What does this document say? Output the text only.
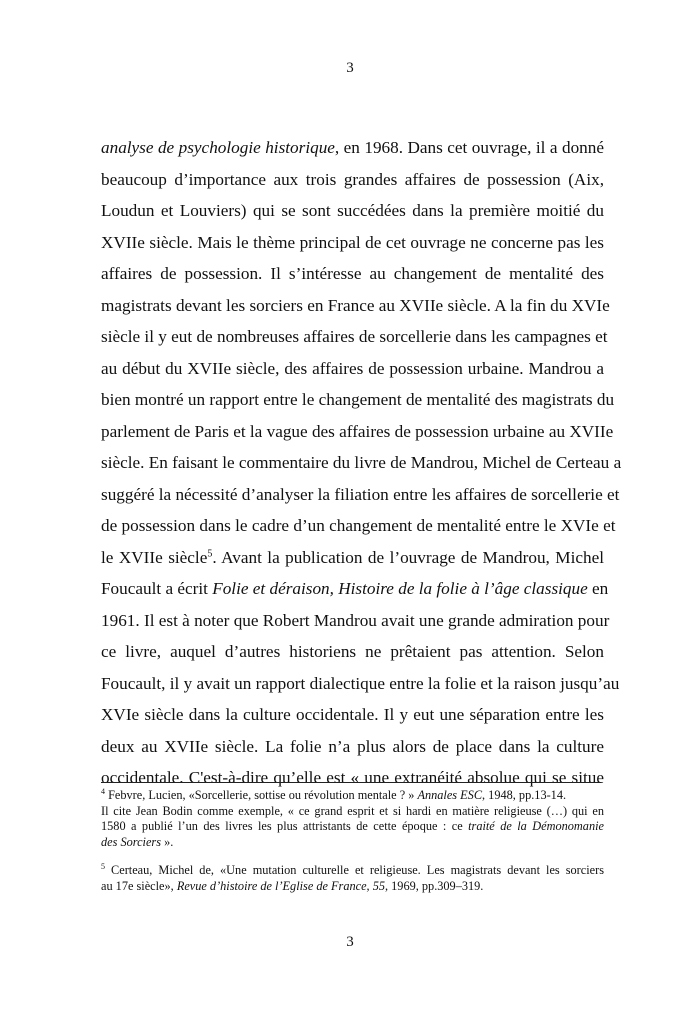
3
analyse de psychologie historique, en 1968. Dans cet ouvrage, il a donné
beaucoup d’importance aux trois grandes affaires de possession (Aix,
Loudun et Louviers) qui se sont succédées dans la première moitié du
XVIIe siècle. Mais le thème principal de cet ouvrage ne concerne pas les
affaires de possession. Il s’intéresse au changement de mentalité des
magistrats devant les sorciers en France au XVIIe siècle. A la fin du XVIe
siècle il y eut de nombreuses affaires de sorcellerie dans les campagnes et
au début du XVIIe siècle, des affaires de possession urbaine. Mandrou a
bien montré un rapport entre le changement de mentalité des magistrats du
parlement de Paris et la vague des affaires de possession urbaine au XVIIe
siècle. En faisant le commentaire du livre de Mandrou, Michel de Certeau a
suggéré la nécessité d’analyser la filiation entre les affaires de sorcellerie et
de possession dans le cadre d’un changement de mentalité entre le XVIe et
le XVIIe siècle$^5$. Avant la publication de l’ouvrage de Mandrou, Michel
Foucault a écrit Folie et déraison, Histoire de la folie à l’âge classique en
1961. Il est à noter que Robert Mandrou avait une grande admiration pour
ce livre, auquel d’autres historiens ne prêtaient pas attention. Selon
Foucault, il y avait un rapport dialectique entre la folie et la raison jusqu’au
XVIe siècle dans la culture occidentale. Il y eut une séparation entre les
deux au XVIIe siècle. La folie n’a plus alors de place dans la culture
occidentale. C'est-à-dire qu’elle est « une extranéité absolue qui se situe
$^4$ Febvre, Lucien, «Sorcellerie, sottise ou révolution mentale ? » Annales ESC, 1948, pp.13-14.
Il cite Jean Bodin comme exemple, « ce grand esprit et si hardi en matière religieuse (…) qui en
1580 a publié l’un des livres les plus attristants de cette époque : ce traité de la Démonomanie
des Sorciers ».
$^5$ Certeau, Michel de, «Une mutation culturelle et religieuse. Les magistrats devant les sorciers
au 17e siècle», Revue d’histoire de l’Eglise de France, 55, 1969, pp.309–319.
3
